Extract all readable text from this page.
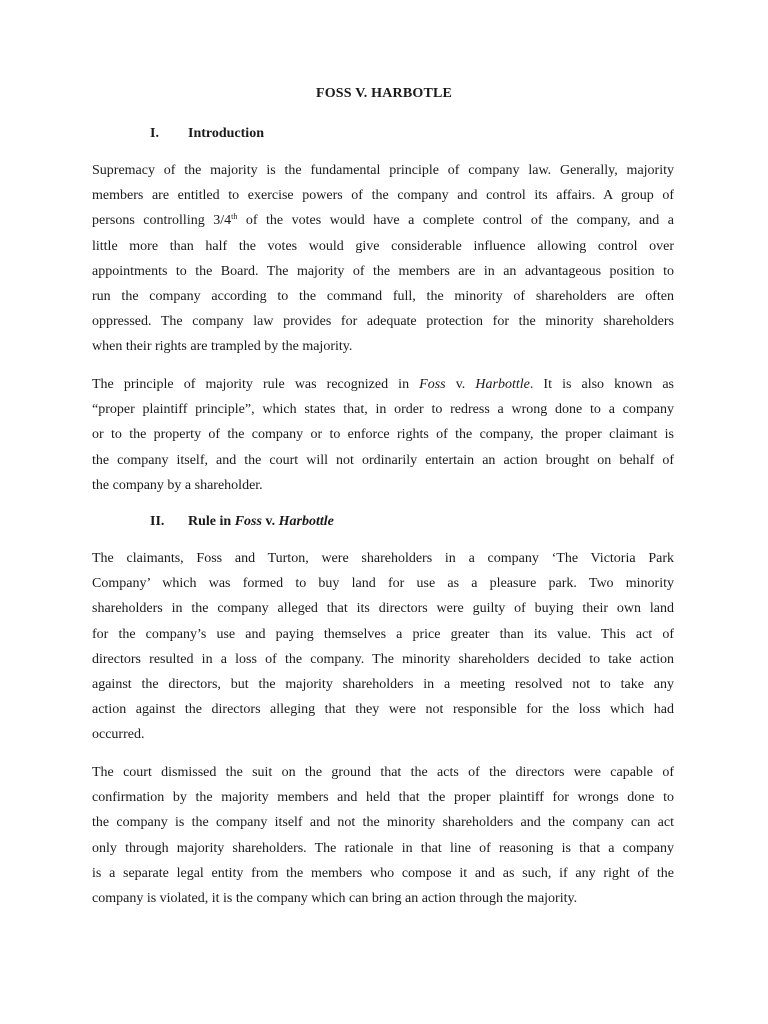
FOSS V. HARBOTLE
I.	Introduction
Supremacy of the majority is the fundamental principle of company law. Generally, majority
members are entitled to exercise powers of the company and control its affairs. A group of
persons controlling 3/4th of the votes would have a complete control of the company, and a
little more than half the votes would give considerable influence allowing control over
appointments to the Board. The majority of the members are in an advantageous position to
run the company according to the command full, the minority of shareholders are often
oppressed. The company law provides for adequate protection for the minority shareholders
when their rights are trampled by the majority.
The principle of majority rule was recognized in Foss v. Harbottle. It is also known as
“proper plaintiff principle”, which states that, in order to redress a wrong done to a company
or to the property of the company or to enforce rights of the company, the proper claimant is
the company itself, and the court will not ordinarily entertain an action brought on behalf of
the company by a shareholder.
II.	Rule in Foss v. Harbottle
The claimants, Foss and Turton, were shareholders in a company ‘The Victoria Park
Company’ which was formed to buy land for use as a pleasure park. Two minority
shareholders in the company alleged that its directors were guilty of buying their own land
for the company’s use and paying themselves a price greater than its value. This act of
directors resulted in a loss of the company. The minority shareholders decided to take action
against the directors, but the majority shareholders in a meeting resolved not to take any
action against the directors alleging that they were not responsible for the loss which had
occurred.
The court dismissed the suit on the ground that the acts of the directors were capable of
confirmation by the majority members and held that the proper plaintiff for wrongs done to
the company is the company itself and not the minority shareholders and the company can act
only through majority shareholders. The rationale in that line of reasoning is that a company
is a separate legal entity from the members who compose it and as such, if any right of the
company is violated, it is the company which can bring an action through the majority.
